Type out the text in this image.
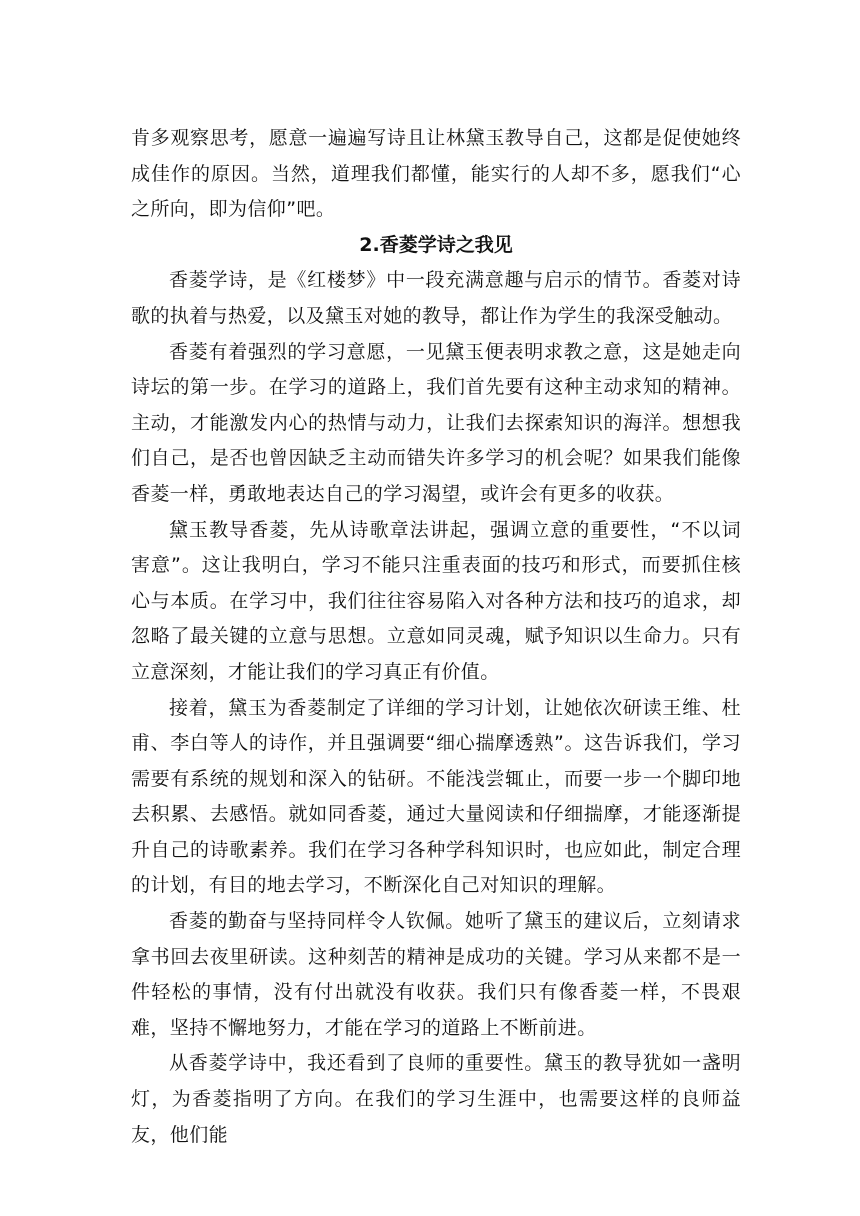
肯多观察思考，愿意一遍遍写诗且让林黛玉教导自己，这都是促使她终成佳作的原因。当然，道理我们都懂，能实行的人却不多，愿我们“心之所向，即为信仰”吧。

2.香菱学诗之我见

香菱学诗，是《红楼梦》中一段充满意趣与启示的情节。香菱对诗歌的执着与热爱，以及黛玉对她的教导，都让作为学生的我深受触动。

香菱有着强烈的学习意愿，一见黛玉便表明求教之意，这是她走向诗坛的第一步。在学习的道路上，我们首先要有这种主动求知的精神。主动，才能激发内心的热情与动力，让我们去探索知识的海洋。想想我们自己，是否也曾因缺乏主动而错失许多学习的机会呢？如果我们能像香菱一样，勇敢地表达自己的学习渴望，或许会有更多的收获。

黛玉教导香菱，先从诗歌章法讲起，强调立意的重要性，“不以词害意”。这让我明白，学习不能只注重表面的技巧和形式，而要抓住核心与本质。在学习中，我们往往容易陷入对各种方法和技巧的追求，却忽略了最关键的立意与思想。立意如同灵魂，赋予知识以生命力。只有立意深刻，才能让我们的学习真正有价值。

接着，黛玉为香菱制定了详细的学习计划，让她依次研读王维、杜甫、李白等人的诗作，并且强调要“细心揣摩透熟”。这告诉我们，学习需要有系统的规划和深入的钻研。不能浅尝辄止，而要一步一个脚印地去积累、去感悟。就如同香菱，通过大量阅读和仔细揣摩，才能逐渐提升自己的诗歌素养。我们在学习各种学科知识时，也应如此，制定合理的计划，有目的地去学习，不断深化自己对知识的理解。

香菱的勤奋与坚持同样令人钦佩。她听了黛玉的建议后，立刻请求拿书回去夜里研读。这种刻苦的精神是成功的关键。学习从来都不是一件轻松的事情，没有付出就没有收获。我们只有像香菱一样，不畏艰难，坚持不懈地努力，才能在学习的道路上不断前进。

从香菱学诗中，我还看到了良师的重要性。黛玉的教导犹如一盏明灯，为香菱指明了方向。在我们的学习生涯中，也需要这样的良师益友，他们能
